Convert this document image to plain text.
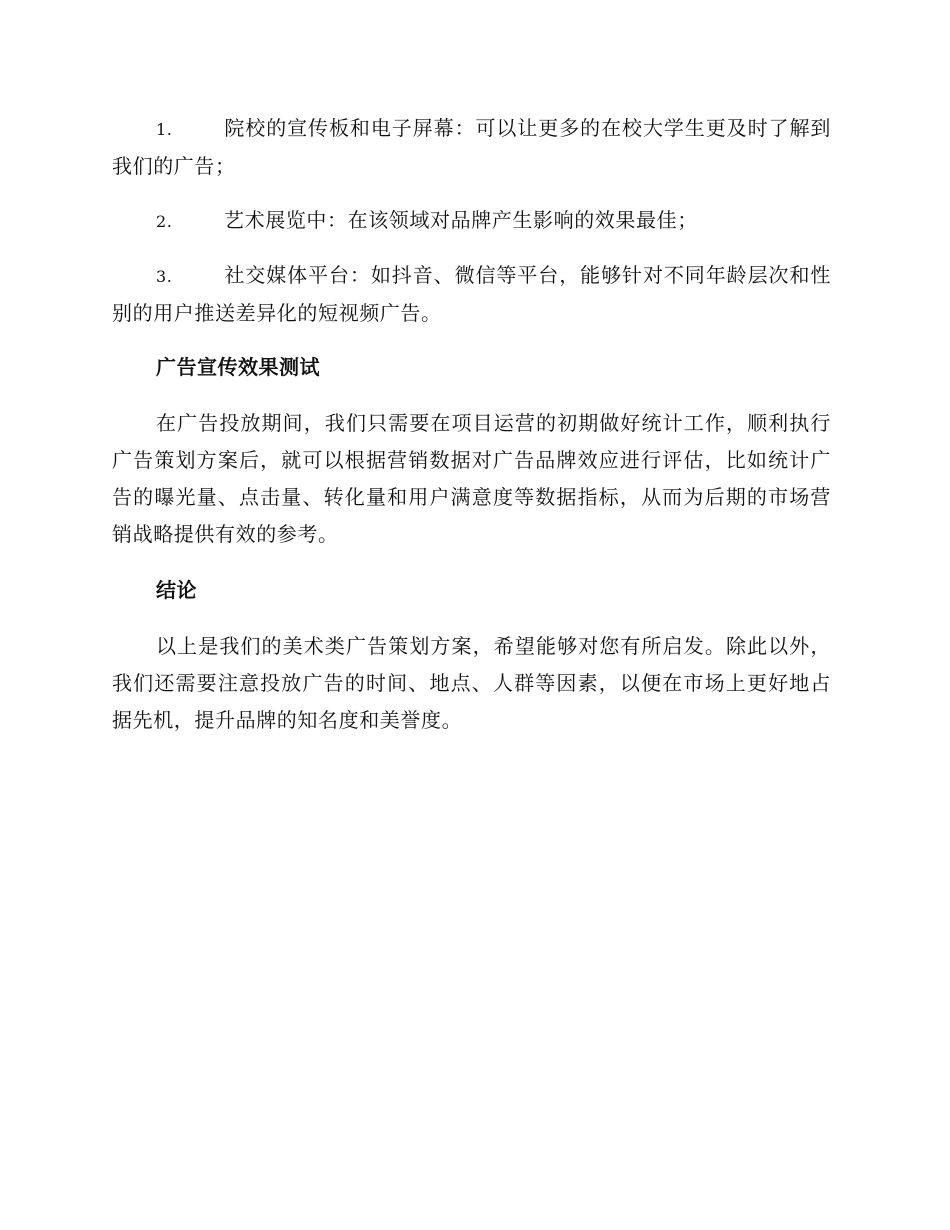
1.	院校的宣传板和电子屏幕：可以让更多的在校大学生更及时了解到我们的广告；

2.	艺术展览中：在该领域对品牌产生影响的效果最佳；

3.	社交媒体平台：如抖音、微信等平台，能够针对不同年龄层次和性别的用户推送差异化的短视频广告。

广告宣传效果测试

在广告投放期间，我们只需要在项目运营的初期做好统计工作，顺利执行广告策划方案后，就可以根据营销数据对广告品牌效应进行评估，比如统计广告的曝光量、点击量、转化量和用户满意度等数据指标，从而为后期的市场营销战略提供有效的参考。

结论

以上是我们的美术类广告策划方案，希望能够对您有所启发。除此以外，我们还需要注意投放广告的时间、地点、人群等因素，以便在市场上更好地占据先机，提升品牌的知名度和美誉度。
